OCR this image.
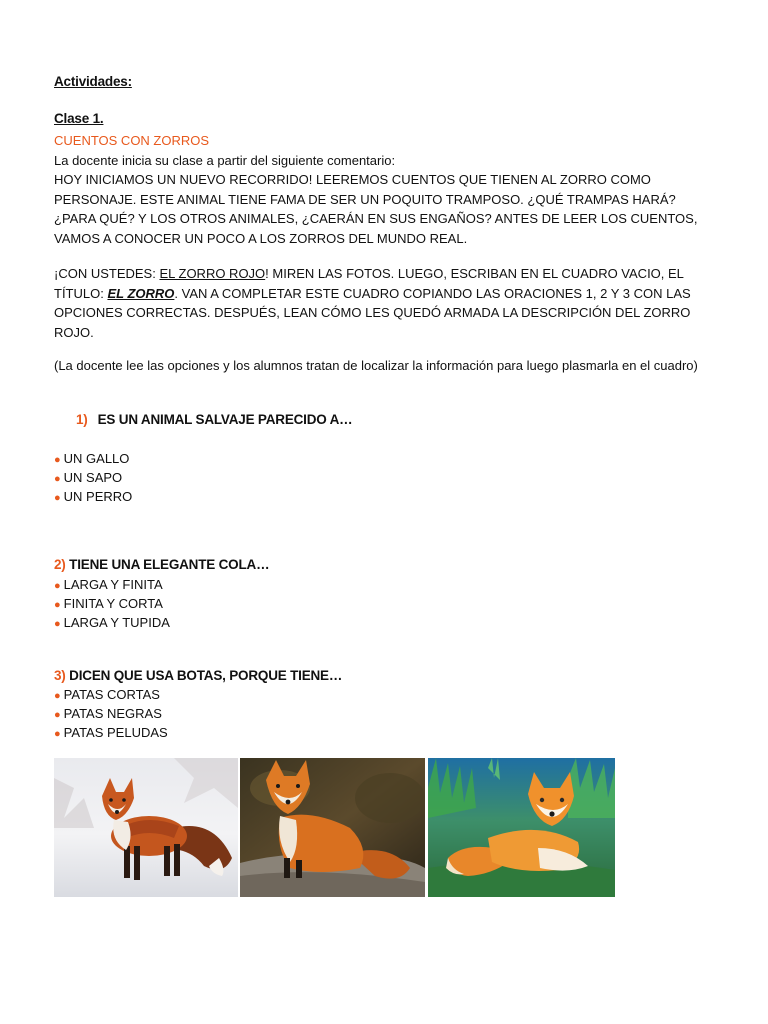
Actividades:
Clase 1.
CUENTOS CON ZORROS
La docente inicia su clase a partir del siguiente comentario:
HOY INICIAMOS UN NUEVO RECORRIDO! LEEREMOS CUENTOS QUE TIENEN AL ZORRO COMO PERSONAJE. ESTE ANIMAL TIENE FAMA DE SER UN POQUITO TRAMPOSO. ¿QUÉ TRAMPAS HARÁ? ¿PARA QUÉ? Y LOS OTROS ANIMALES, ¿CAERÁN EN SUS ENGAÑOS? ANTES DE LEER LOS CUENTOS, VAMOS A CONOCER UN POCO A LOS ZORROS DEL MUNDO REAL.
¡CON USTEDES: EL ZORRO ROJO! MIREN LAS FOTOS. LUEGO, ESCRIBAN EN EL CUADRO VACIO, EL TÍTULO: EL ZORRO. VAN A COMPLETAR ESTE CUADRO COPIANDO LAS ORACIONES 1, 2 Y 3 CON LAS OPCIONES CORRECTAS. DESPUÉS, LEAN CÓMO LES QUEDÓ ARMADA LA DESCRIPCIÓN DEL ZORRO ROJO.
(La docente lee las opciones y los alumnos tratan de localizar la información para luego plasmarla en el cuadro)
1) ES UN ANIMAL SALVAJE PARECIDO A…
● UN GALLO
● UN SAPO
● UN PERRO
2) TIENE UNA ELEGANTE COLA…
● LARGA Y FINITA
● FINITA Y CORTA
● LARGA Y TUPIDA
3) DICEN QUE USA BOTAS, PORQUE TIENE…
● PATAS CORTAS
● PATAS NEGRAS
● PATAS PELUDAS
